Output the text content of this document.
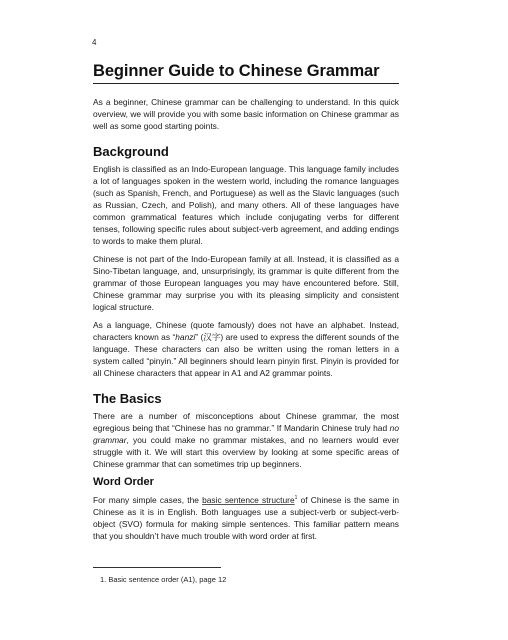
4
Beginner Guide to Chinese Grammar

As a beginner, Chinese grammar can be challenging to understand. In this quick overview, we will provide you with some basic information on Chinese grammar as well as some good starting points.

Background

English is classified as an Indo-European language. This language family includes a lot of languages spoken in the western world, including the romance languages (such as Spanish, French, and Portuguese) as well as the Slavic languages (such as Russian, Czech, and Polish), and many others. All of these languages have common grammatical features which include conjugating verbs for different tenses, following specific rules about subject-verb agreement, and adding endings to words to make them plural.

Chinese is not part of the Indo-European family at all. Instead, it is classified as a Sino-Tibetan language, and, unsurprisingly, its grammar is quite different from the grammar of those European languages you may have encountered before. Still, Chinese grammar may surprise you with its pleasing simplicity and consistent logical structure.

As a language, Chinese (quote famously) does not have an alphabet. Instead, characters known as “hanzi” (汉字) are used to express the different sounds of the language. These characters can also be written using the roman letters in a system called “pinyin.” All beginners should learn pinyin first. Pinyin is provided for all Chinese characters that appear in A1 and A2 grammar points.

The Basics

There are a number of misconceptions about Chinese grammar, the most egregious being that “Chinese has no grammar.” If Mandarin Chinese truly had no grammar, you could make no grammar mistakes, and no learners would ever struggle with it. We will start this overview by looking at some specific areas of Chinese grammar that can sometimes trip up beginners.

Word Order

For many simple cases, the basic sentence structure$^1$ of Chinese is the same in Chinese as it is in English. Both languages use a subject-verb or subject-verb-object (SVO) formula for making simple sentences. This familiar pattern means that you shouldn’t have much trouble with word order at first.

1. Basic sentence order (A1), page 12
